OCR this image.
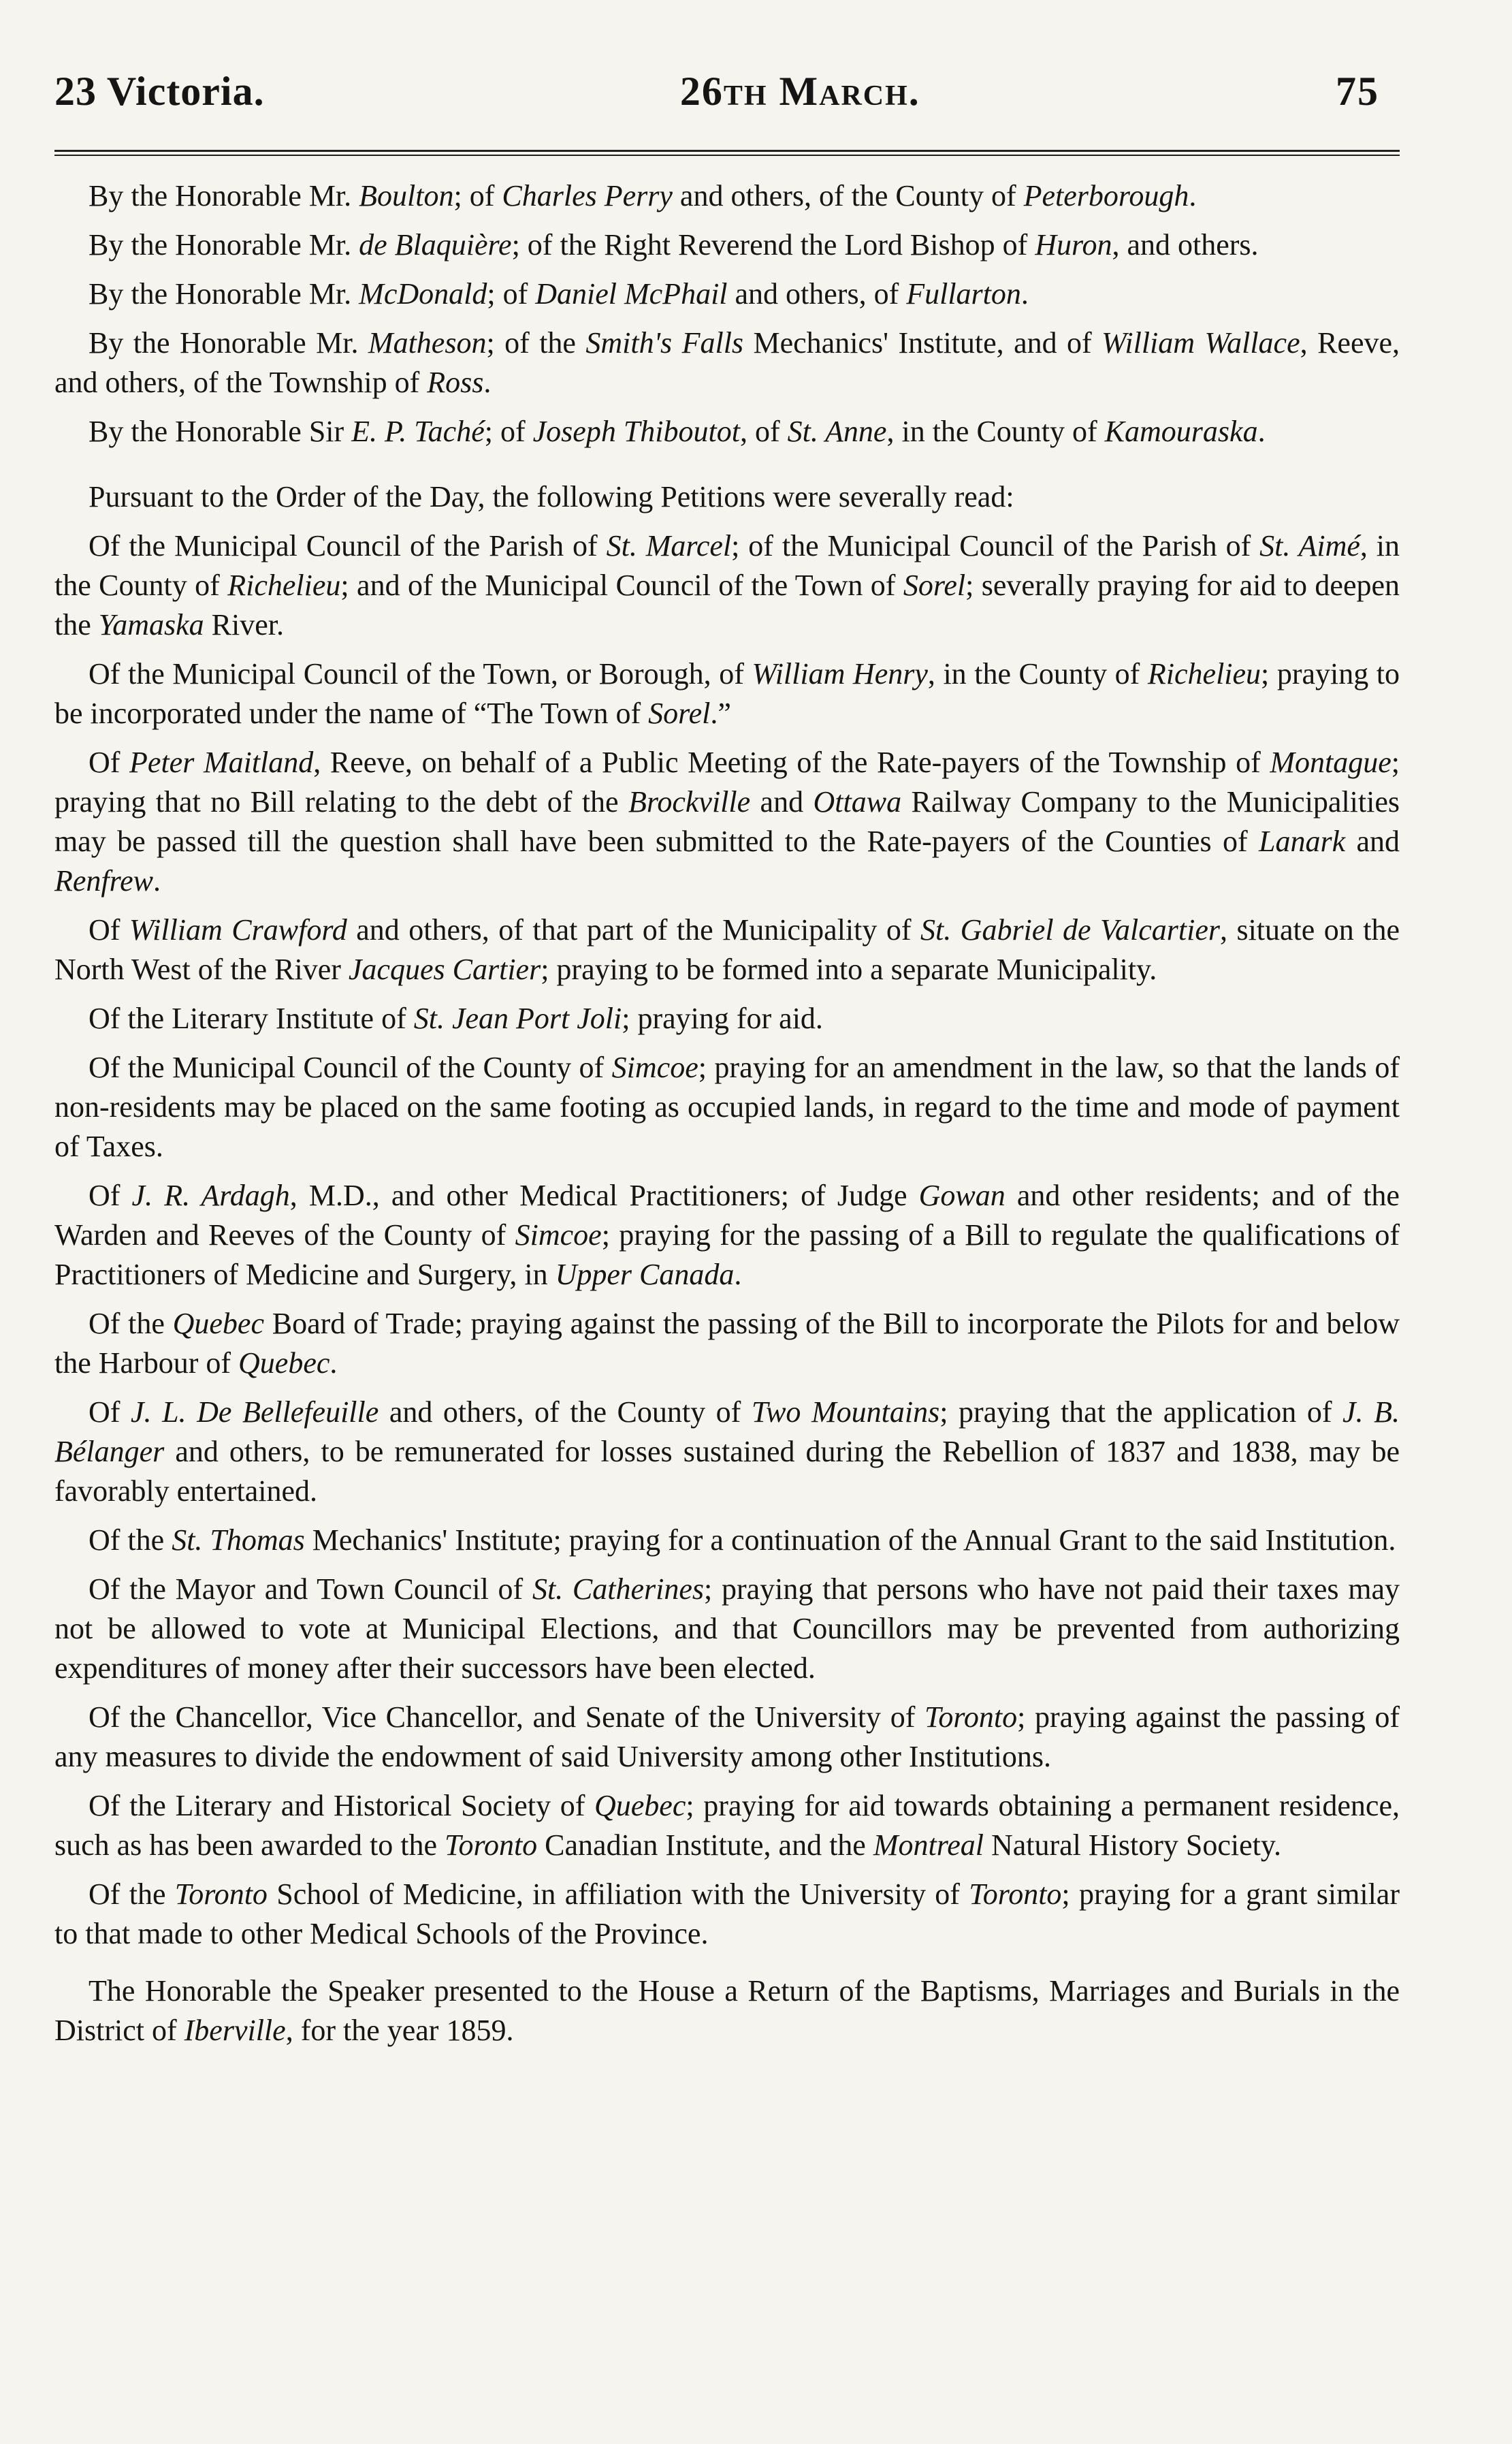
23 Victoria.	26th March.	75

By the Honorable Mr. Boulton; of Charles Perry and others, of the County of Peterborough.

By the Honorable Mr. de Blaquière; of the Right Reverend the Lord Bishop of Huron, and others.

By the Honorable Mr. McDonald; of Daniel McPhail and others, of Fullarton.

By the Honorable Mr. Matheson; of the Smith's Falls Mechanics' Institute, and of William Wallace, Reeve, and others, of the Township of Ross.

By the Honorable Sir E. P. Taché; of Joseph Thiboutot, of St. Anne, in the County of Kamouraska.

Pursuant to the Order of the Day, the following Petitions were severally read:

Of the Municipal Council of the Parish of St. Marcel; of the Municipal Council of the Parish of St. Aimé, in the County of Richelieu; and of the Municipal Council of the Town of Sorel; severally praying for aid to deepen the Yamaska River.

Of the Municipal Council of the Town, or Borough, of William Henry, in the County of Richelieu; praying to be incorporated under the name of “The Town of Sorel.”

Of Peter Maitland, Reeve, on behalf of a Public Meeting of the Rate-payers of the Township of Montague; praying that no Bill relating to the debt of the Brockville and Ottawa Railway Company to the Municipalities may be passed till the question shall have been submitted to the Rate-payers of the Counties of Lanark and Renfrew.

Of William Crawford and others, of that part of the Municipality of St. Gabriel de Valcartier, situate on the North West of the River Jacques Cartier; praying to be formed into a separate Municipality.

Of the Literary Institute of St. Jean Port Joli; praying for aid.

Of the Municipal Council of the County of Simcoe; praying for an amendment in the law, so that the lands of non-residents may be placed on the same footing as occupied lands, in regard to the time and mode of payment of Taxes.

Of J. R. Ardagh, M.D., and other Medical Practitioners; of Judge Gowan and other residents; and of the Warden and Reeves of the County of Simcoe; praying for the passing of a Bill to regulate the qualifications of Practitioners of Medicine and Surgery, in Upper Canada.

Of the Quebec Board of Trade; praying against the passing of the Bill to incorporate the Pilots for and below the Harbour of Quebec.

Of J. L. De Bellefeuille and others, of the County of Two Mountains; praying that the application of J. B. Bélanger and others, to be remunerated for losses sustained during the Rebellion of 1837 and 1838, may be favorably entertained.

Of the St. Thomas Mechanics' Institute; praying for a continuation of the Annual Grant to the said Institution.

Of the Mayor and Town Council of St. Catherines; praying that persons who have not paid their taxes may not be allowed to vote at Municipal Elections, and that Councillors may be prevented from authorizing expenditures of money after their successors have been elected.

Of the Chancellor, Vice Chancellor, and Senate of the University of Toronto; praying against the passing of any measures to divide the endowment of said University among other Institutions.

Of the Literary and Historical Society of Quebec; praying for aid towards obtaining a permanent residence, such as has been awarded to the Toronto Canadian Institute, and the Montreal Natural History Society.

Of the Toronto School of Medicine, in affiliation with the University of Toronto; praying for a grant similar to that made to other Medical Schools of the Province.

The Honorable the Speaker presented to the House a Return of the Baptisms, Marriages and Burials in the District of Iberville, for the year 1859.
